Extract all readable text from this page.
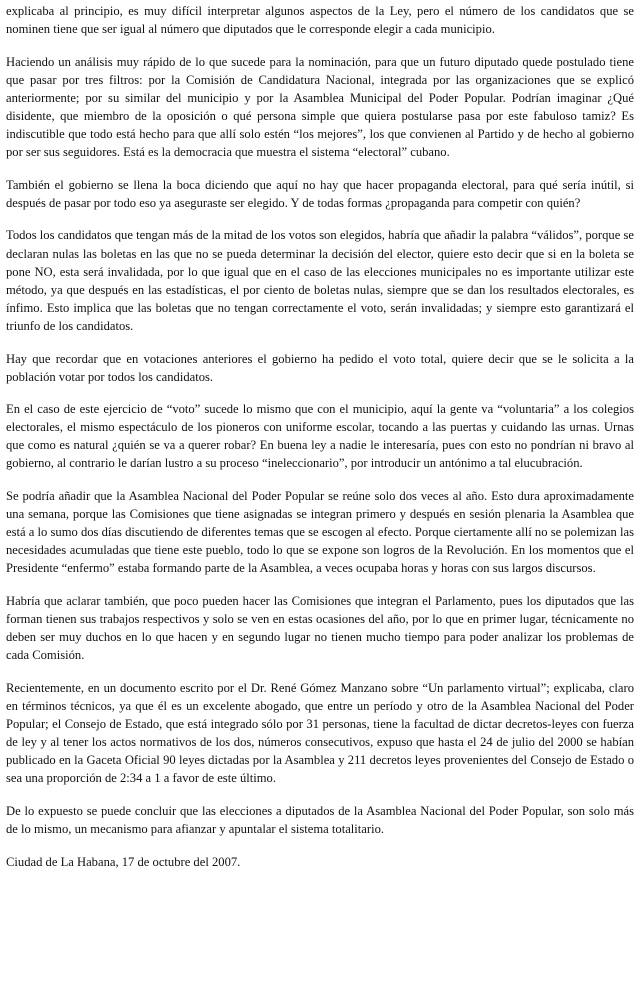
explicaba al principio, es muy difícil interpretar algunos aspectos de la Ley, pero el número de los candidatos que se nominen tiene que ser igual al número que diputados que le corresponde elegir a cada municipio.

Haciendo un análisis muy rápido de lo que sucede para la nominación, para que un futuro diputado quede postulado tiene que pasar por tres filtros: por la Comisión de Candidatura Nacional, integrada por las organizaciones que se explicó anteriormente; por su similar del municipio y por la Asamblea Municipal del Poder Popular. Podrían imaginar ¿Qué disidente, que miembro de la oposición o qué persona simple que quiera postularse pasa por este fabuloso tamiz? Es indiscutible que todo está hecho para que allí solo estén “los mejores”, los que convienen al Partido y de hecho al gobierno por ser sus seguidores. Está es la democracia que muestra el sistema “electoral” cubano.

También el gobierno se llena la boca diciendo que aquí no hay que hacer propaganda electoral, para qué sería inútil, si después de pasar por todo eso ya aseguraste ser elegido. Y de todas formas ¿propaganda para competir con quién?

Todos los candidatos que tengan más de la mitad de los votos son elegidos, habría que añadir la palabra “válidos”, porque se declaran nulas las boletas en las que no se pueda determinar la decisión del elector, quiere esto decir que si en la boleta se pone NO, esta será invalidada, por lo que igual que en el caso de las elecciones municipales no es importante utilizar este método, ya que después en las estadísticas, el por ciento de boletas nulas, siempre que se dan los resultados electorales, es ínfimo. Esto implica que las boletas que no tengan correctamente el voto, serán invalidadas; y siempre esto garantizará el triunfo de los candidatos.

Hay que recordar que en votaciones anteriores el gobierno ha pedido el voto total, quiere decir que se le solicita a la población votar por todos los candidatos.

En el caso de este ejercicio de “voto” sucede lo mismo que con el municipio, aquí la gente va “voluntaria” a los colegios electorales, el mismo espectáculo de los pioneros con uniforme escolar, tocando a las puertas y cuidando las urnas. Urnas que como es natural ¿quién se va a querer robar? En buena ley a nadie le interesaría, pues con esto no pondrían ni bravo al gobierno, al contrario le darían lustro a su proceso “ineleccionario”, por introducir un antónimo a tal elucubración.

Se podría añadir que la Asamblea Nacional del Poder Popular se reúne solo dos veces al año. Esto dura aproximadamente una semana, porque las Comisiones que tiene asignadas se integran primero y después en sesión plenaria la Asamblea que está a lo sumo dos días discutiendo de diferentes temas que se escogen al efecto. Porque ciertamente allí no se polemizan las necesidades acumuladas que tiene este pueblo, todo lo que se expone son logros de la Revolución. En los momentos que el Presidente “enfermo” estaba formando parte de la Asamblea, a veces ocupaba horas y horas con sus largos discursos.

Habría que aclarar también, que poco pueden hacer las Comisiones que integran el Parlamento, pues los diputados que las forman tienen sus trabajos respectivos y solo se ven en estas ocasiones del año, por lo que en primer lugar, técnicamente no deben ser muy duchos en lo que hacen y en segundo lugar no tienen mucho tiempo para poder analizar los problemas de cada Comisión.

Recientemente, en un documento escrito por el Dr. René Gómez Manzano sobre “Un parlamento virtual”; explicaba, claro en términos técnicos, ya que él es un excelente abogado, que entre un período y otro de la Asamblea Nacional del Poder Popular; el Consejo de Estado, que está integrado sólo por 31 personas, tiene la facultad de dictar decretos-leyes con fuerza de ley y al tener los actos normativos de los dos, números consecutivos, expuso que hasta el 24 de julio del 2000 se habían publicado en la Gaceta Oficial 90 leyes dictadas por la Asamblea y 211 decretos leyes provenientes del Consejo de Estado o sea una proporción de 2:34 a 1 a favor de este último.

De lo expuesto se puede concluir que las elecciones a diputados de la Asamblea Nacional del Poder Popular, son solo más de lo mismo, un mecanismo para afianzar y apuntalar el sistema totalitario.

Ciudad de La Habana, 17 de octubre del 2007.
